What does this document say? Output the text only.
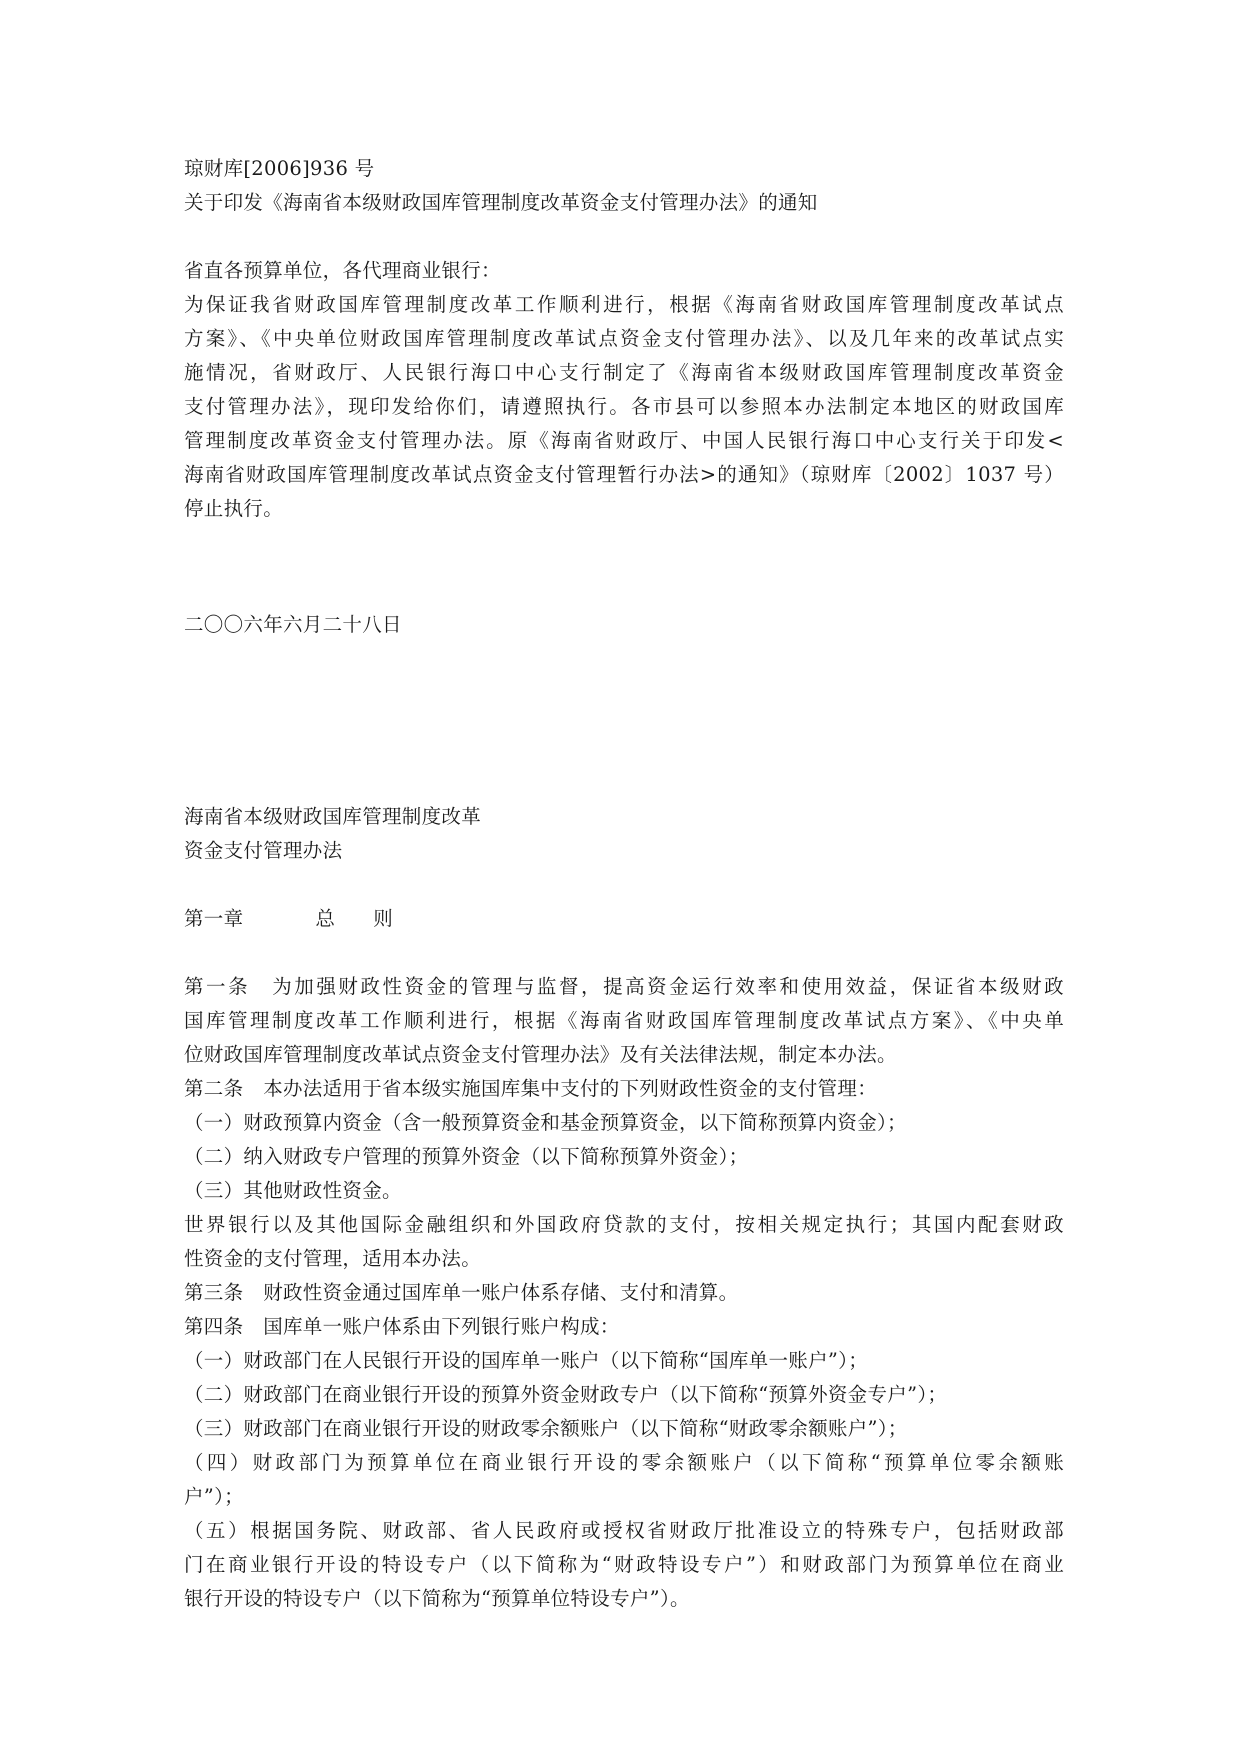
琼财库[2006]936 号
关于印发《海南省本级财政国库管理制度改革资金支付管理办法》的通知
省直各预算单位，各代理商业银行：
为保证我省财政国库管理制度改革工作顺利进行，根据《海南省财政国库管理制度改革试点
方案》、《中央单位财政国库管理制度改革试点资金支付管理办法》、以及几年来的改革试点实
施情况，省财政厅、人民银行海口中心支行制定了《海南省本级财政国库管理制度改革资金
支付管理办法》，现印发给你们，请遵照执行。各市县可以参照本办法制定本地区的财政国库
管理制度改革资金支付管理办法。原《海南省财政厅、中国人民银行海口中心支行关于印发<
海南省财政国库管理制度改革试点资金支付管理暂行办法>的通知》（琼财库〔2002〕1037 号）
停止执行。
二〇〇六年六月二十八日
海南省本级财政国库管理制度改革
资金支付管理办法
第一章	总 则
第一条　为加强财政性资金的管理与监督，提高资金运行效率和使用效益，保证省本级财政
国库管理制度改革工作顺利进行，根据《海南省财政国库管理制度改革试点方案》、《中央单
位财政国库管理制度改革试点资金支付管理办法》及有关法律法规，制定本办法。
第二条　本办法适用于省本级实施国库集中支付的下列财政性资金的支付管理：
（一）财政预算内资金（含一般预算资金和基金预算资金，以下简称预算内资金）；
（二）纳入财政专户管理的预算外资金（以下简称预算外资金）；
（三）其他财政性资金。
世界银行以及其他国际金融组织和外国政府贷款的支付，按相关规定执行；其国内配套财政
性资金的支付管理，适用本办法。
第三条　财政性资金通过国库单一账户体系存储、支付和清算。
第四条　国库单一账户体系由下列银行账户构成：
（一）财政部门在人民银行开设的国库单一账户（以下简称“国库单一账户”）；
（二）财政部门在商业银行开设的预算外资金财政专户（以下简称“预算外资金专户”）；
（三）财政部门在商业银行开设的财政零余额账户（以下简称“财政零余额账户”）；
（四）财政部门为预算单位在商业银行开设的零余额账户（以下简称“预算单位零余额账
户”）；
（五）根据国务院、财政部、省人民政府或授权省财政厅批准设立的特殊专户，包括财政部
门在商业银行开设的特设专户（以下简称为“财政特设专户”）和财政部门为预算单位在商业
银行开设的特设专户（以下简称为“预算单位特设专户”）。
